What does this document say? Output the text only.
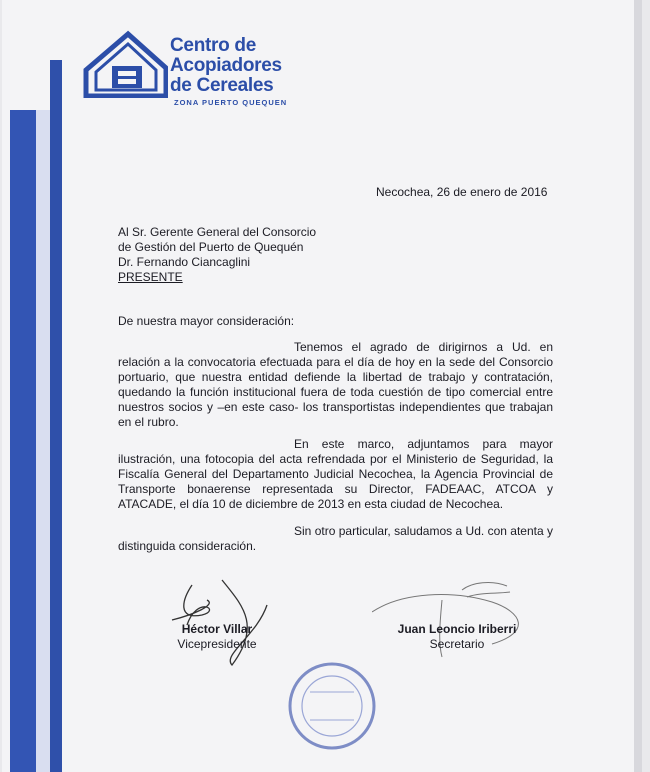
Centro de
Acopiadores
de Cereales
ZONA PUERTO QUEQUEN

Necochea, 26 de enero de 2016

Al Sr. Gerente General del Consorcio
de Gestión del Puerto de Quequén
Dr. Fernando Ciancaglini
PRESENTE

De nuestra mayor consideración:

Tenemos el agrado de dirigirnos a Ud. en relación a la convocatoria efectuada para el día de hoy en la sede del Consorcio portuario, que nuestra entidad defiende la libertad de trabajo y contratación, quedando la función institucional fuera de toda cuestión de tipo comercial entre nuestros socios y –en este caso- los transportistas independientes que trabajan en el rubro.

En este marco, adjuntamos para mayor ilustración, una fotocopia del acta refrendada por el Ministerio de Seguridad, la Fiscalía General del Departamento Judicial Necochea, la Agencia Provincial de Transporte bonaerense representada su Director, FADEAAC, ATCOA y ATACADE, el día 10 de diciembre de 2013 en esta ciudad de Necochea.

Sin otro particular, saludamos a Ud. con atenta y distinguida consideración.

Héctor Villar
Vicepresidente
Juan Leoncio Iriberri
Secretario
